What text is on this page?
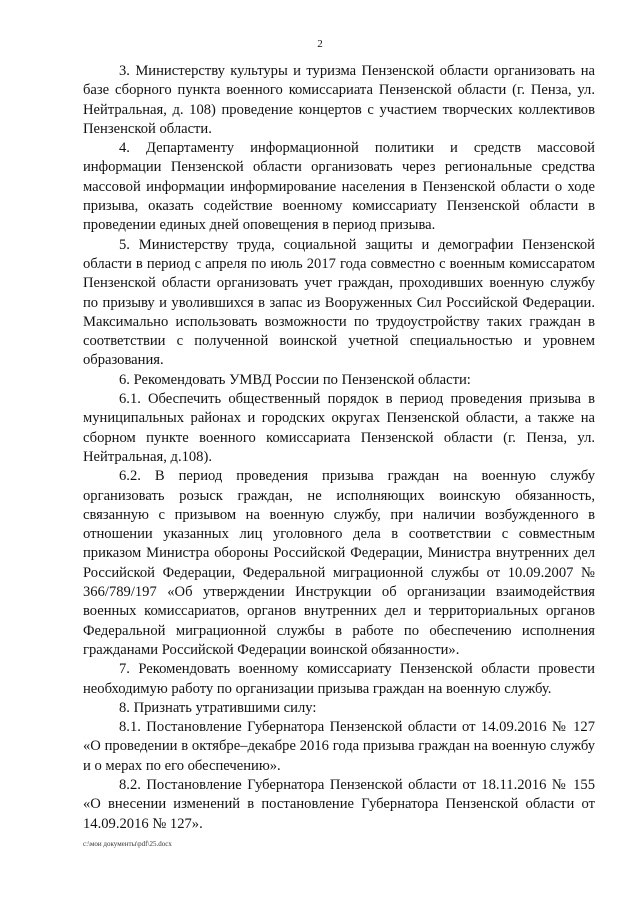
2

3. Министерству культуры и туризма Пензенской области организовать на базе сборного пункта военного комиссариата Пензенской области (г. Пенза, ул. Нейтральная, д. 108) проведение концертов с участием творческих коллективов Пензенской области.

4. Департаменту информационной политики и средств массовой информации Пензенской области организовать через региональные средства массовой информации информирование населения в Пензенской области о ходе призыва, оказать содействие военному комиссариату Пензенской области в проведении единых дней оповещения в период призыва.

5. Министерству труда, социальной защиты и демографии Пензенской области в период с апреля по июль 2017 года совместно с военным комиссаратом Пензенской области организовать учет граждан, проходивших военную службу по призыву и уволившихся в запас из Вооруженных Сил Российской Федерации. Максимально использовать возможности по трудоустройству таких граждан в соответствии с полученной воинской учетной специальностью и уровнем образования.

6. Рекомендовать УМВД России по Пензенской области:

6.1. Обеспечить общественный порядок в период проведения призыва в муниципальных районах и городских округах Пензенской области, а также на сборном пункте военного комиссариата Пензенской области (г. Пенза, ул. Нейтральная, д.108).

6.2. В период проведения призыва граждан на военную службу организовать розыск граждан, не исполняющих воинскую обязанность, связанную с призывом на военную службу, при наличии возбужденного в отношении указанных лиц уголовного дела в соответствии с совместным приказом Министра обороны Российской Федерации, Министра внутренних дел Российской Федерации, Федеральной миграционной службы от 10.09.2007 № 366/789/197 «Об утверждении Инструкции об организации взаимодействия военных комиссариатов, органов внутренних дел и территориальных органов Федеральной миграционной службы в работе по обеспечению исполнения гражданами Российской Федерации воинской обязанности».

7. Рекомендовать военному комиссариату Пензенской области провести необходимую работу по организации призыва граждан на военную службу.

8. Признать утратившими силу:

8.1. Постановление Губернатора Пензенской области от 14.09.2016 № 127 «О проведении в октябре–декабре 2016 года призыва граждан на военную службу и о мерах по его обеспечению».

8.2. Постановление Губернатора Пензенской области от 18.11.2016 № 155 «О внесении изменений в постановление Губернатора Пензенской области от 14.09.2016 № 127».

c:\мои документы\pdf\25.docx
